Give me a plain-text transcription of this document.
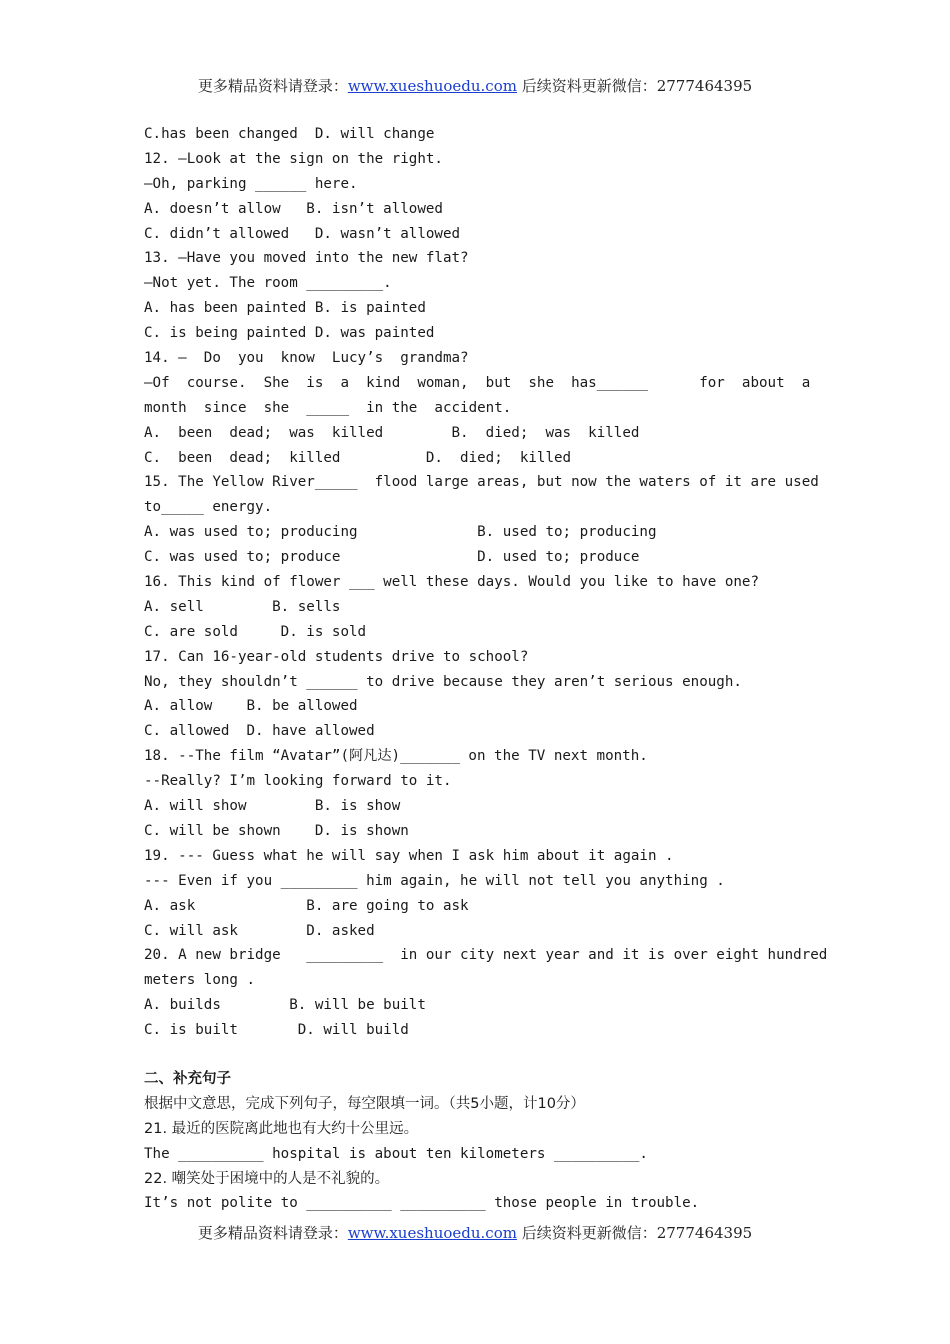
更多精品资料请登录：www.xueshuoedu.com 后续资料更新微信：2777464395
C.has been changed  D. will change
12. —Look at the sign on the right.
—Oh, parking ______ here.
A. doesn’t allow   B. isn’t allowed
C. didn’t allowed   D. wasn’t allowed
13. —Have you moved into the new flat?
—Not yet. The room _________.
A. has been painted B. is painted
C. is being painted D. was painted
14. —  Do  you  know  Lucy’s  grandma?
—Of  course.  She  is  a  kind  woman,  but  she  has______      for  about  a
month  since  she  _____  in the  accident.
A.  been  dead;  was  killed        B.  died;  was  killed
C.  been  dead;  killed          D.  died;  killed
15. The Yellow River_____  flood large areas, but now the waters of it are used
to_____ energy.
A. was used to; producing              B. used to; producing
C. was used to; produce                D. used to; produce
16. This kind of flower ___ well these days. Would you like to have one?
A. sell        B. sells
C. are sold     D. is sold
17. Can 16-year-old students drive to school?
No, they shouldn’t ______ to drive because they aren’t serious enough.
A. allow    B. be allowed
C. allowed  D. have allowed
18. --The film “Avatar”(阿凡达)_______ on the TV next month.
--Really? I’m looking forward to it.
A. will show        B. is show
C. will be shown    D. is shown
19. --- Guess what he will say when I ask him about it again .
--- Even if you _________ him again, he will not tell you anything .
A. ask             B. are going to ask
C. will ask        D. asked
20. A new bridge   _________  in our city next year and it is over eight hundred
meters long .
A. builds        B. will be built
C. is built       D. will build
二、补充句子
根据中文意思，完成下列句子，每空限填一词。（共5小题，计10分）
21. 最近的医院离此地也有大约十公里远。
The __________ hospital is about ten kilometers __________.
22. 嘲笑处于困境中的人是不礼貌的。
It’s not polite to __________ __________ those people in trouble.
更多精品资料请登录：www.xueshuoedu.com 后续资料更新微信：2777464395
